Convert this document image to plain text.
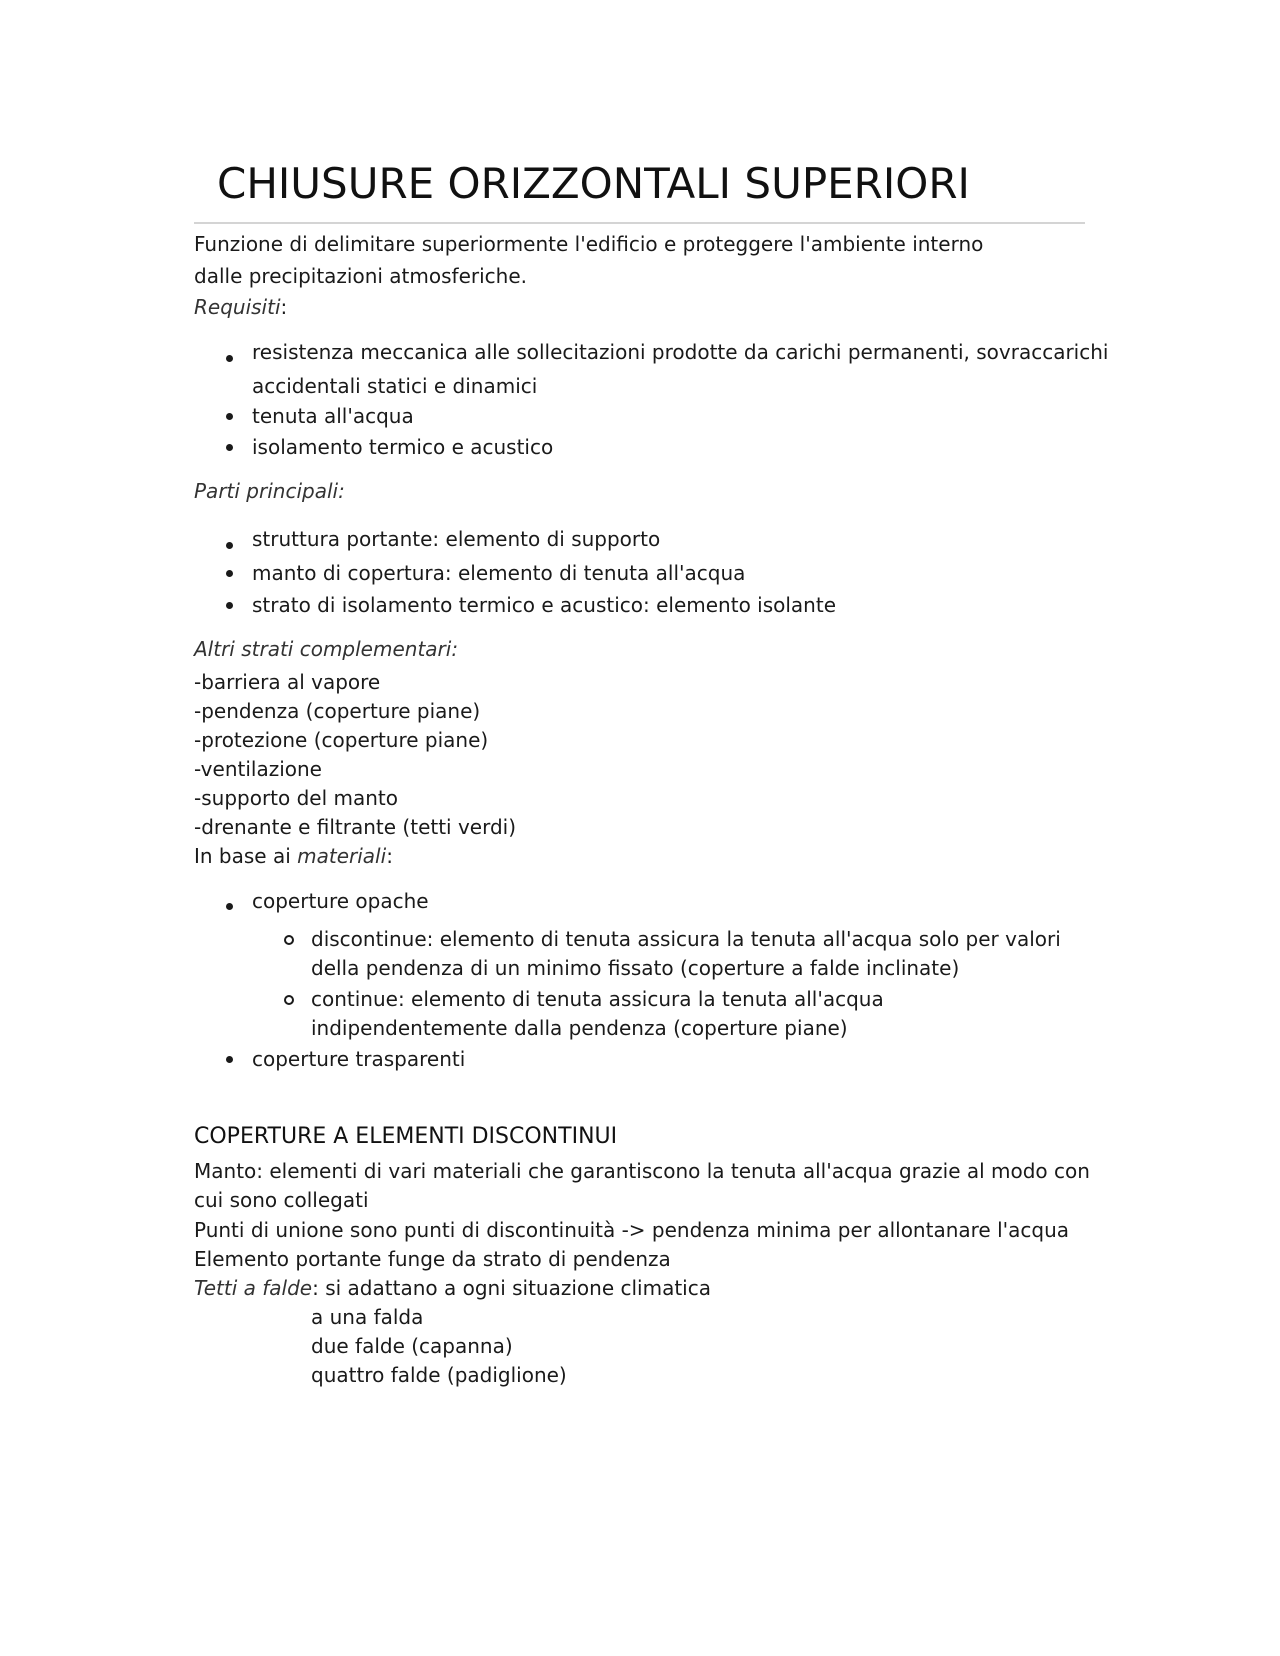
CHIUSURE ORIZZONTALI SUPERIORI
Funzione di delimitare superiormente l'edificio e proteggere l'ambiente interno
dalle precipitazioni atmosferiche.
Requisiti:
resistenza meccanica alle sollecitazioni prodotte da carichi permanenti, sovraccarichi
accidentali statici e dinamici
tenuta all'acqua
isolamento termico e acustico
Parti principali:
struttura portante: elemento di supporto
manto di copertura: elemento di tenuta all'acqua
strato di isolamento termico e acustico: elemento isolante
Altri strati complementari:
-barriera al vapore
-pendenza (coperture piane)
-protezione (coperture piane)
-ventilazione
-supporto del manto
-drenante e filtrante (tetti verdi)
In base ai materiali:
coperture opache
discontinue: elemento di tenuta assicura la tenuta all'acqua solo per valori
della pendenza di un minimo fissato (coperture a falde inclinate)
continue: elemento di tenuta assicura la tenuta all'acqua
indipendentemente dalla pendenza (coperture piane)
coperture trasparenti
COPERTURE A ELEMENTI DISCONTINUI
Manto: elementi di vari materiali che garantiscono la tenuta all'acqua grazie al modo con
cui sono collegati
Punti di unione sono punti di discontinuità -> pendenza minima per allontanare l'acqua
Elemento portante funge da strato di pendenza
Tetti a falde: si adattano a ogni situazione climatica
a una falda
due falde (capanna)
quattro falde (padiglione)
